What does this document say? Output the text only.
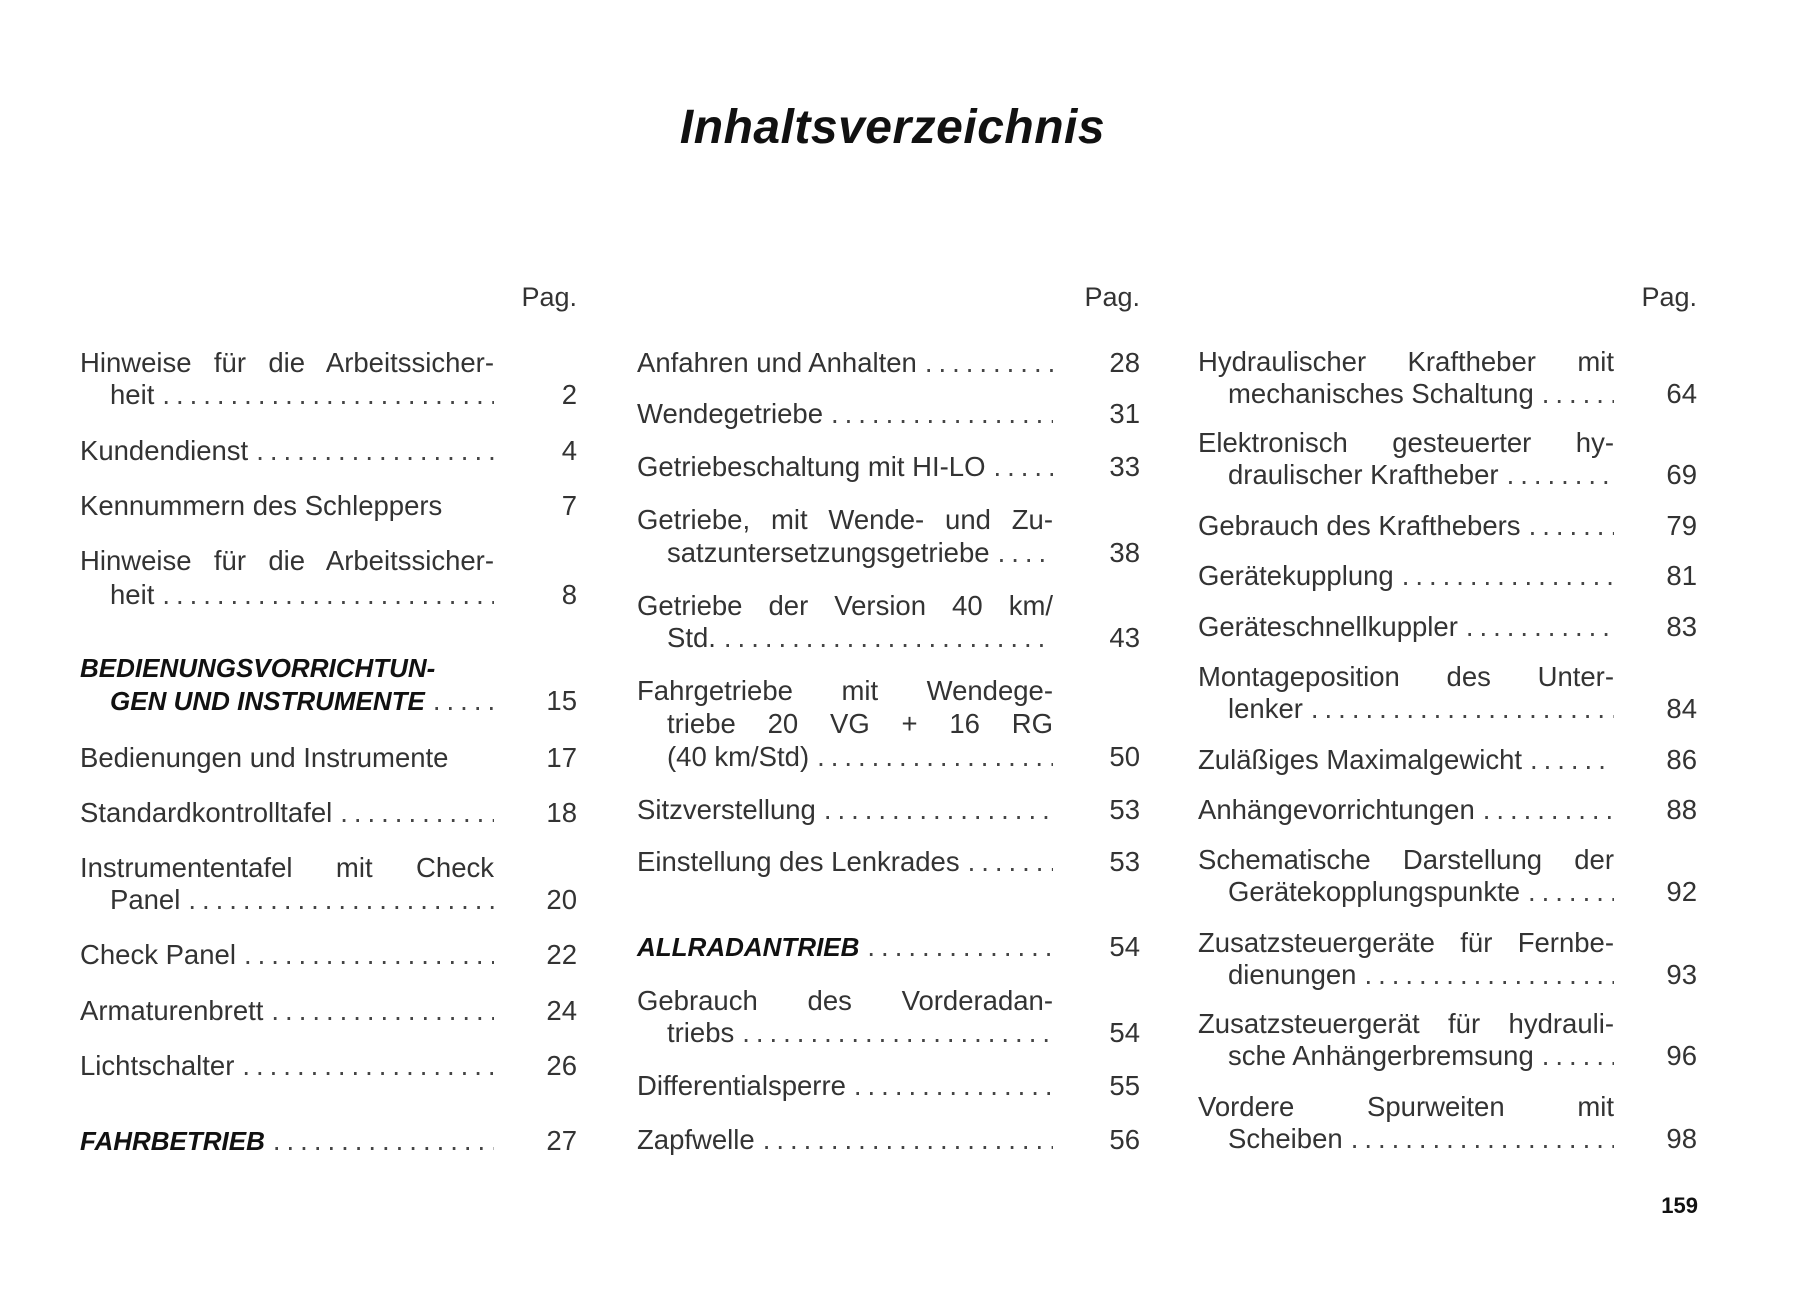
Inhaltsverzeichnis
Pag.
Hinweise für die Arbeitssicher-
heit .....	2
Kundendienst .....	4
Kennummern des Schleppers	7
Hinweise für die Arbeitssicher-
heit .....	8
BEDIENUNGSVORRICHTUN-
GEN UND INSTRUMENTE .....	15
Bedienungen und Instrumente	17
Standardkontrolltafel .....	18
Instrumententafel mit Check
Panel .....	20
Check Panel .....	22
Armaturenbrett .....	24
Lichtschalter .....	26
FAHRBETRIEB .....	27
Pag.
Anfahren und Anhalten .....	28
Wendegetriebe .....	31
Getriebeschaltung mit HI-LO .....	33
Getriebe, mit Wende- und Zu-
satzuntersetzungsgetriebe .....	38
Getriebe der Version 40 km/
Std. .....	43
Fahrgetriebe mit Wendege-
triebe 20 VG + 16 RG
(40 km/Std) .....	50
Sitzverstellung .....	53
Einstellung des Lenkrades .....	53
ALLRADANTRIEB .....	54
Gebrauch des Vorderadan-
triebs .....	54
Differentialsperre .....	55
Zapfwelle .....	56
Pag.
Hydraulischer Kraftheber mit
mechanisches Schaltung .....	64
Elektronisch gesteuerter hy-
draulischer Kraftheber .....	69
Gebrauch des Krafthebers .....	79
Gerätekupplung .....	81
Geräteschnellkuppler .....	83
Montageposition des Unter-
lenker .....	84
Zuläßiges Maximalgewicht .....	86
Anhängevorrichtungen .....	88
Schematische Darstellung der
Gerätekopplungspunkte .....	92
Zusatzsteuergeräte für Fernbe-
dienungen .....	93
Zusatzsteuergerät für hydrauli-
sche Anhängerbremsung .....	96
Vordere Spurweiten mit
Scheiben .....	98
159
